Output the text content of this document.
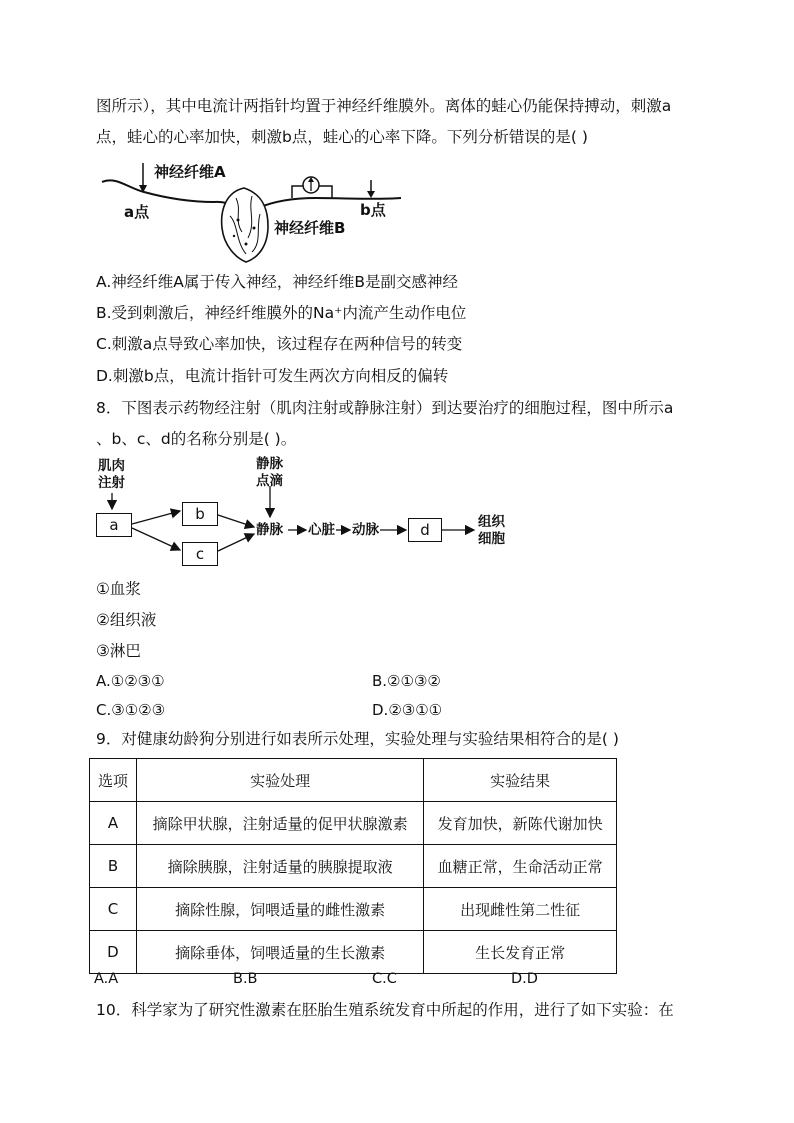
图所示），其中电流计两指针均置于神经纤维膜外。离体的蛙心仍能保持搏动，刺激a
点，蛙心的心率加快，刺激b点，蛙心的心率下降。下列分析错误的是( )
神经纤维A
神经纤维B
a点	b点
A.神经纤维A属于传入神经，神经纤维B是副交感神经
B.受到刺激后，神经纤维膜外的Na⁺内流产生动作电位
C.刺激a点导致心率加快，该过程存在两种信号的转变
D.刺激b点，电流计指针可发生两次方向相反的偏转
8．下图表示药物经注射（肌肉注射或静脉注射）到达要治疗的细胞过程，图中所示a
、b、c、d的名称分别是( )。
肌肉
注射
静脉
点滴
a
b
c
静脉 心脏 动脉	d	组织
细胞
①血浆
②组织液
③淋巴
A.①②③①	B.②①③②
C.③①②③	D.②③①①
9．对健康幼龄狗分别进行如表所示处理，实验处理与实验结果相符合的是( )
选项	实验处理	实验结果
A	摘除甲状腺，注射适量的促甲状腺激素	发育加快，新陈代谢加快
B	摘除胰腺，注射适量的胰腺提取液	血糖正常，生命活动正常
C	摘除性腺，饲喂适量的雌性激素	出现雌性第二性征
D	摘除垂体，饲喂适量的生长激素	生长发育正常
A.A	B.B	C.C	D.D
10．科学家为了研究性激素在胚胎生殖系统发育中所起的作用，进行了如下实验：在
